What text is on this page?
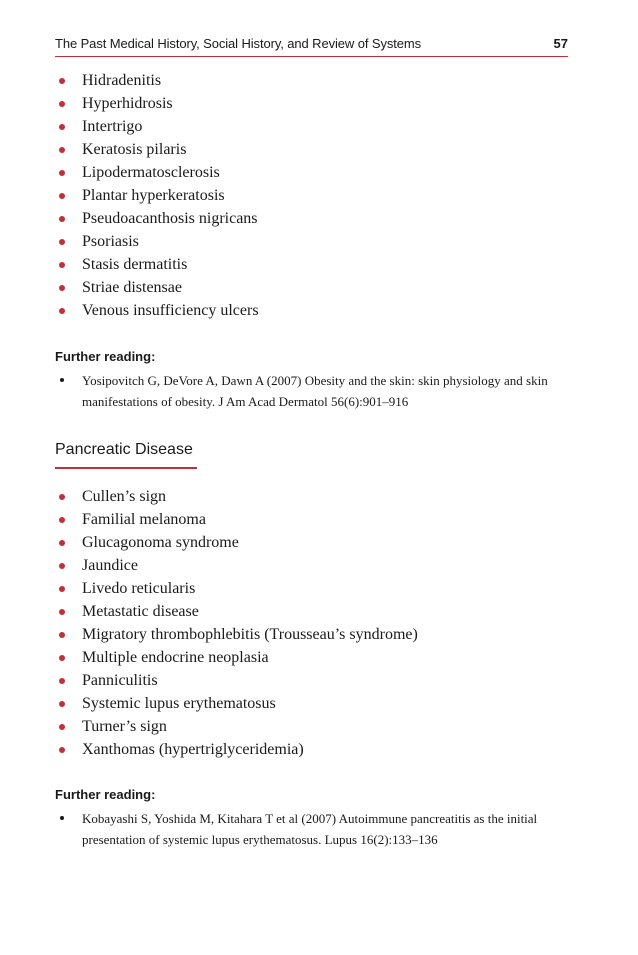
The Past Medical History, Social History, and Review of Systems	57
Hidradenitis
Hyperhidrosis
Intertrigo
Keratosis pilaris
Lipodermatosclerosis
Plantar hyperkeratosis
Pseudoacanthosis nigricans
Psoriasis
Stasis dermatitis
Striae distensae
Venous insufficiency ulcers
Further reading:
Yosipovitch G, DeVore A, Dawn A (2007) Obesity and the skin: skin physiology and skin manifestations of obesity. J Am Acad Dermatol 56(6):901–916
Pancreatic Disease
Cullen’s sign
Familial melanoma
Glucagonoma syndrome
Jaundice
Livedo reticularis
Metastatic disease
Migratory thrombophlebitis (Trousseau’s syndrome)
Multiple endocrine neoplasia
Panniculitis
Systemic lupus erythematosus
Turner’s sign
Xanthomas (hypertriglyceridemia)
Further reading:
Kobayashi S, Yoshida M, Kitahara T et al (2007) Autoimmune pancreatitis as the initial presentation of systemic lupus erythematosus. Lupus 16(2):133–136
